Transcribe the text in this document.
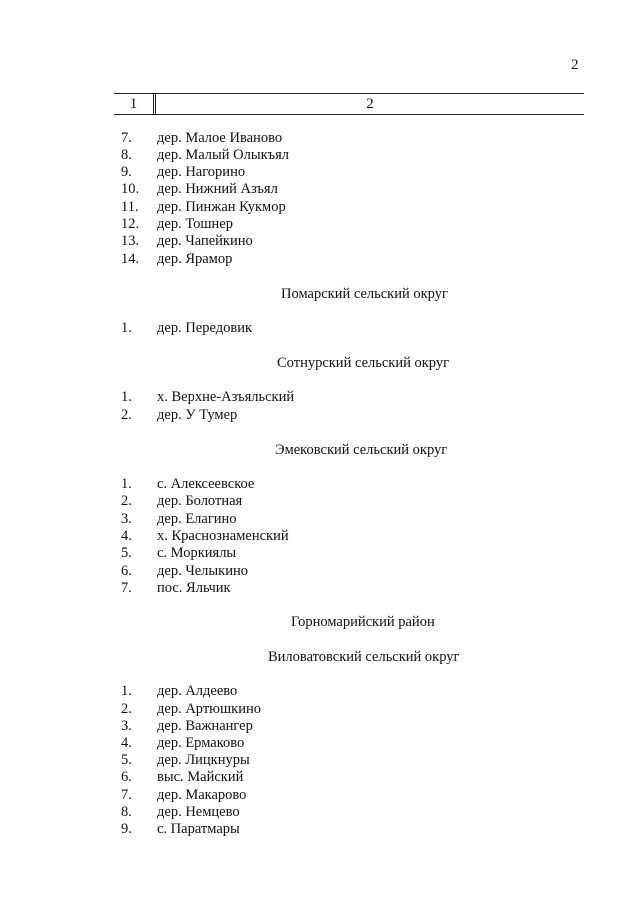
2
1	2
7.	дер. Малое Иваново
8.	дер. Малый Олыкъял
9.	дер. Нагорино
10.	дер. Нижний Азъял
11.	дер. Пинжан Кукмор
12.	дер. Тошнер
13.	дер. Чапейкино
14.	дер. Ярамор
Помарский сельский округ
1.	дер. Передовик
Сотнурский сельский округ
1.	х. Верхне-Азъяльский
2.	дер. У Тумер
Эмековский сельский округ
1.	с. Алексеевское
2.	дер. Болотная
3.	дер. Елагино
4.	х. Краснознаменский
5.	с. Моркиялы
6.	дер. Челыкино
7.	пос. Яльчик
Горномарийский район
Виловатовский сельский округ
1.	дер. Алдеево
2.	дер. Артюшкино
3.	дер. Важнангер
4.	дер. Ермаково
5.	дер. Лицкнуры
6.	выс. Майский
7.	дер. Макарово
8.	дер. Немцево
9.	с. Паратмары
